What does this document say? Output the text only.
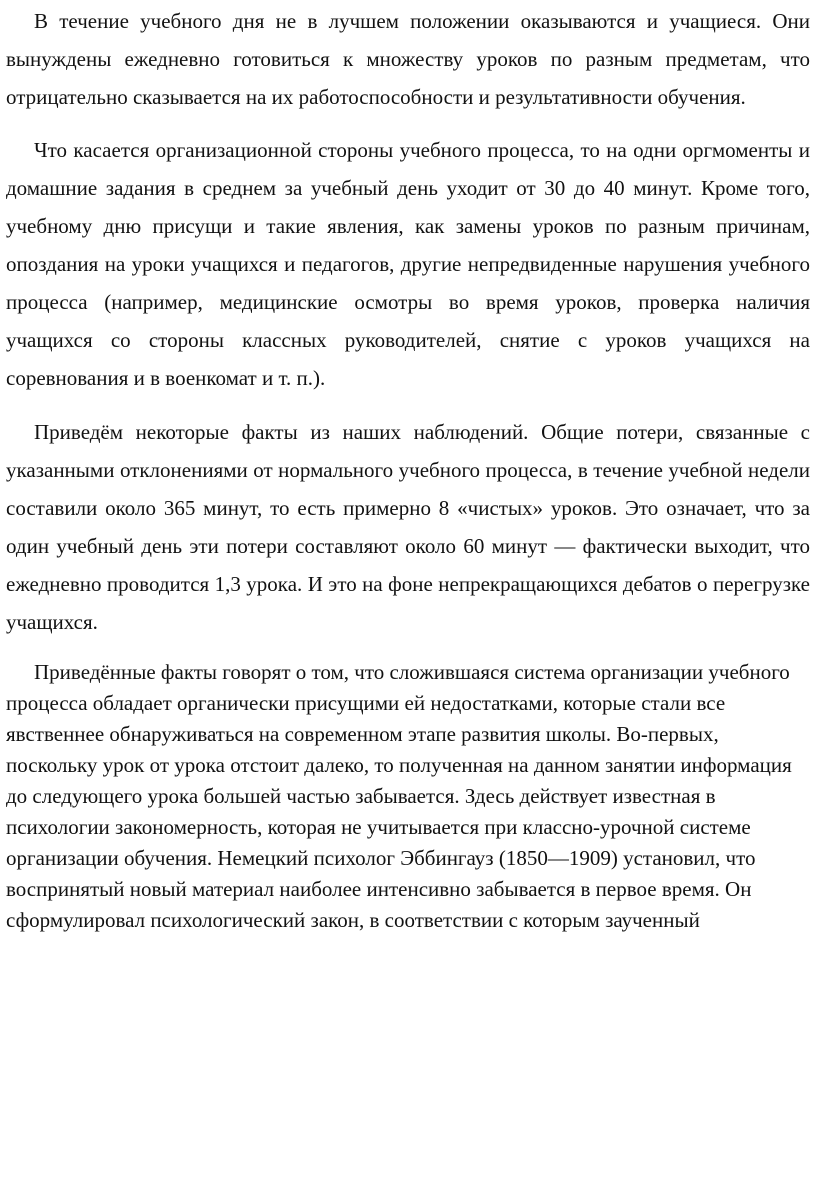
В течение учебного дня не в лучшем положении оказываются и учащиеся. Они вынуждены ежедневно готовиться к множеству уроков по разным предметам, что отрицательно сказывается на их работоспособности и результативности обучения.

Что касается организационной стороны учебного процесса, то на одни оргмоменты и домашние задания в среднем за учебный день уходит от 30 до 40 минут. Кроме того, учебному дню присущи и такие явления, как замены уроков по разным причинам, опоздания на уроки учащихся и педагогов, другие непредвиденные нарушения учебного процесса (например, медицинские осмотры во время уроков, проверка наличия учащихся со стороны классных руководителей, снятие с уроков учащихся на соревнования и в военкомат и т. п.).

Приведём некоторые факты из наших наблюдений. Общие потери, связанные с указанными отклонениями от нормального учебного процесса, в течение учебной недели составили около 365 минут, то есть примерно 8 «чистых» уроков. Это означает, что за один учебный день эти потери составляют около 60 минут — фактически выходит, что ежедневно проводится 1,3 урока. И это на фоне непрекращающихся дебатов о перегрузке учащихся.

Приведённые факты говорят о том, что сложившаяся система организации учебного процесса обладает органически присущими ей недостатками, которые стали все явственнее обнаруживаться на современном этапе развития школы. Во-первых, поскольку урок от урока отстоит далеко, то полученная на данном занятии информация до следующего урока большей частью забывается. Здесь действует известная в психологии закономерность, которая не учитывается при классно-урочной системе организации обучения. Немецкий психолог Эббингауз (1850—1909) установил, что воспринятый новый материал наиболее интенсивно забывается в первое время. Он сформулировал психологический закон, в соответствии с которым заученный
